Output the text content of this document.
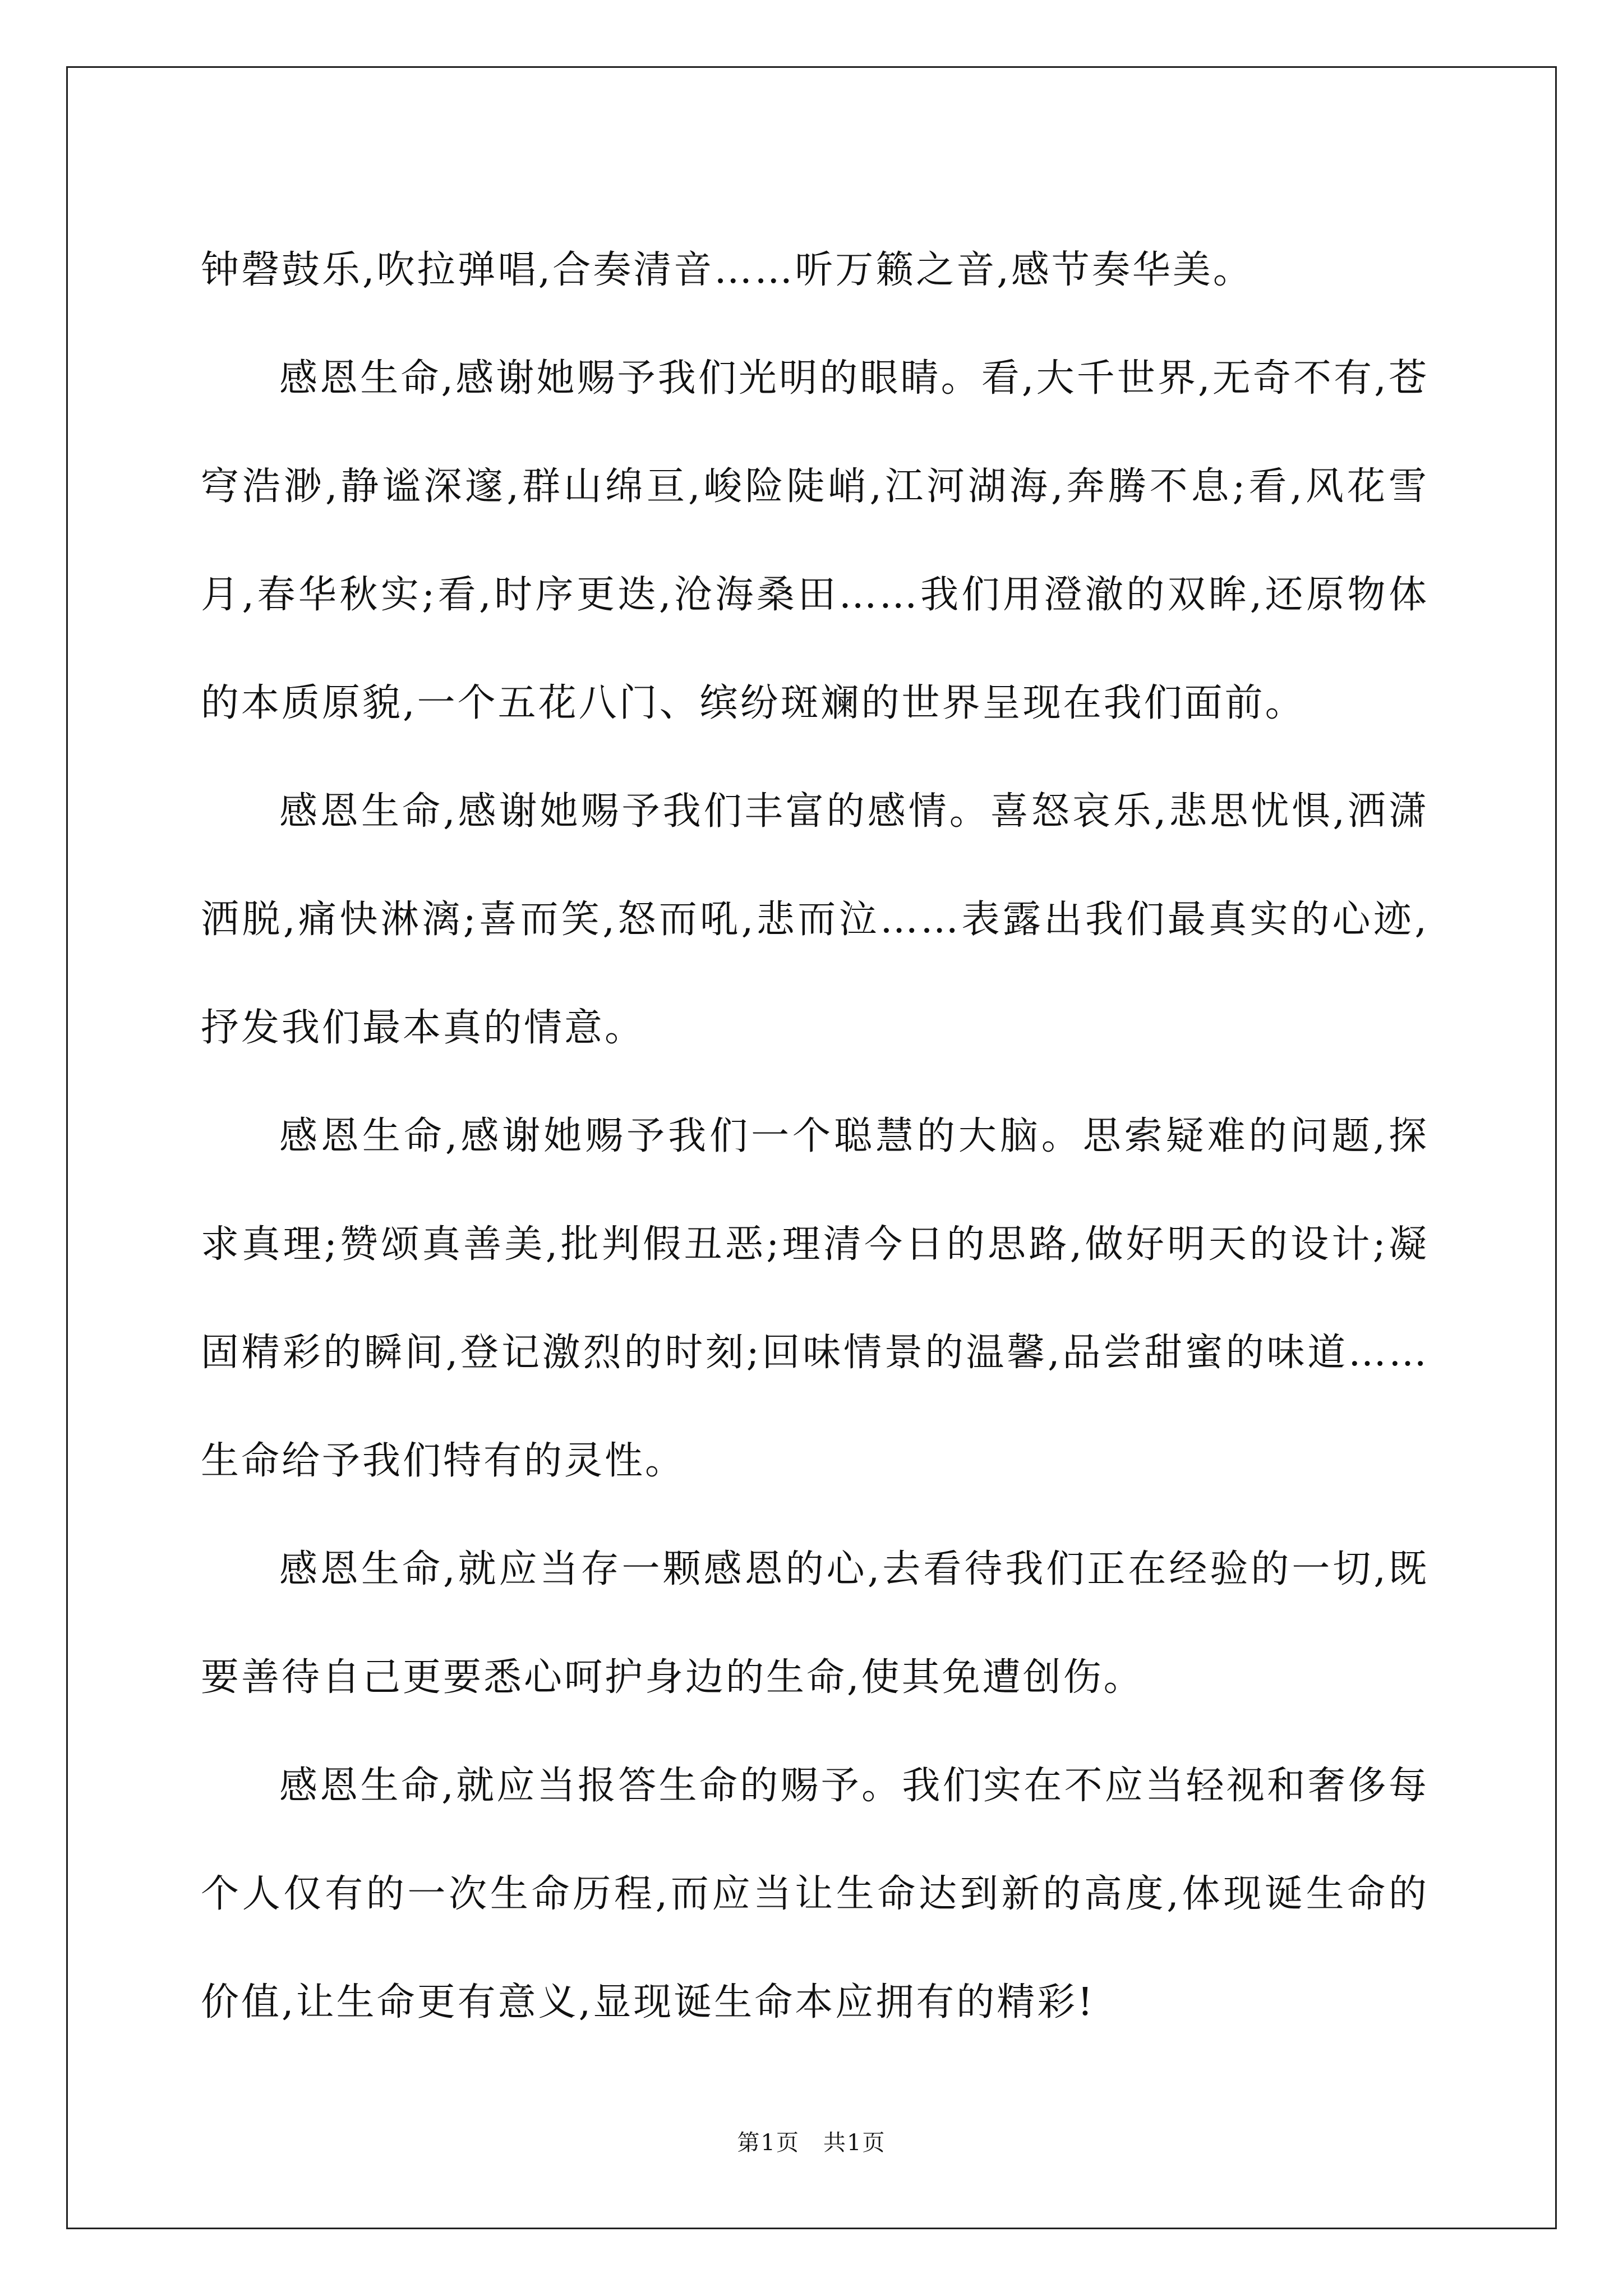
钟磬鼓乐,吹拉弹唱,合奏清音……听万籁之音,感节奏华美。

感恩生命,感谢她赐予我们光明的眼睛。看,大千世界,无奇不有,苍穹浩渺,静谧深邃,群山绵亘,峻险陡峭,江河湖海,奔腾不息;看,风花雪月,春华秋实;看,时序更迭,沧海桑田……我们用澄澈的双眸,还原物体的本质原貌,一个五花八门、缤纷斑斓的世界呈现在我们面前。

感恩生命,感谢她赐予我们丰富的感情。喜怒哀乐,悲思忧惧,洒潇洒脱,痛快淋漓;喜而笑,怒而吼,悲而泣……表露出我们最真实的心迹,抒发我们最本真的情意。

感恩生命,感谢她赐予我们一个聪慧的大脑。思索疑难的问题,探求真理;赞颂真善美,批判假丑恶;理清今日的思路,做好明天的设计;凝固精彩的瞬间,登记激烈的时刻;回味情景的温馨,品尝甜蜜的味道……生命给予我们特有的灵性。

感恩生命,就应当存一颗感恩的心,去看待我们正在经验的一切,既要善待自己更要悉心呵护身边的生命,使其免遭创伤。

感恩生命,就应当报答生命的赐予。我们实在不应当轻视和奢侈每个人仅有的一次生命历程,而应当让生命达到新的高度,体现诞生命的价值,让生命更有意义,显现诞生命本应拥有的精彩!

第1页　共1页
